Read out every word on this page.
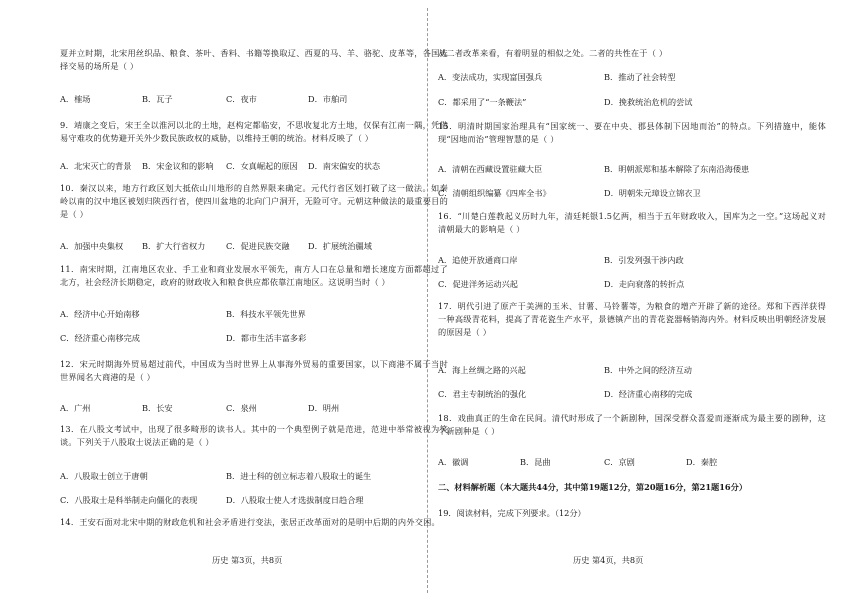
夏并立时期，北宋用丝织品、粮食、茶叶、香料、书籍等换取辽、西夏的马、羊、骆驼、皮革等，各国选择交易的场所是（ ）
A．榷场	B．瓦子	C．夜市	D．市舶司
9．靖康之变后，宋王全以淮河以北的土地，赵构定都临安，不思收复北方土地，仅保有江南一隅，凭借易守难攻的优势避开关外少数民族政权的威胁，以维持王朝的统治。材料反映了（ ）
A．北宋灭亡的背景 B．宋金议和的影响 C．女真崛起的原因 D．南宋偏安的状态
10．秦汉以来，地方行政区划大抵依山川地形的自然界限来确定。元代行省区划打破了这一做法。如秦岭以南的汉中地区被划归陕西行省，使四川盆地的北向门户洞开，无险可守。元朝这种做法的最重要目的是（ ）
A．加强中央集权 B．扩大行省权力	C．促进民族交融 D．扩展统治疆域
11．南宋时期，江南地区农业、手工业和商业发展水平领先，南方人口在总量和增长速度方面都超过了北方，社会经济长期稳定，政府的财政收入和粮食供应都依靠江南地区。这说明当时（ ）
A．经济中心开始南移	B．科技水平领先世界
C．经济重心南移完成	D．都市生活丰富多彩
12．宋元时期海外贸易超过前代，中国成为当时世界上从事海外贸易的重要国家，以下商港不属于当时世界闻名大商港的是（ ）
A．广州	B．长安	C．泉州	D．明州
13．在八股文考试中，出现了很多畸形的读书人。其中的一个典型例子就是范进，范进中举常被视为笑谈。下列关于八股取士说法正确的是（ ）
A．八股取士创立于唐朝	B．进士科的创立标志着八股取士的诞生
C．八股取士是科举制走向僵化的表现	D．八股取士使人才选拔制度日趋合理
14．王安石面对北宋中期的财政危机和社会矛盾进行变法，张居正改革面对的是明中后期的内外交困。
历史 第3页，共8页
从二者改革来看，有着明显的相似之处。二者的共性在于（ ）
A．变法成功，实现富国强兵	B．推动了社会转型
C．都采用了“一条鞭法”	D．挽救统治危机的尝试
15．明清时期国家治理具有“国家统一、要在中央、郡县体制下因地而治”的特点。下列措施中，能体现“因地而治”管理智慧的是（ ）
A．清朝在西藏设置驻藏大臣	B．明朝派郑和基本解除了东南沿海倭患
C．清朝组织编纂《四库全书》	D．明朝朱元璋设立锦衣卫
16．“川楚白莲教起义历时九年，清廷耗银1.5亿两，相当于五年财政收入，国库为之一空。”这场起义对清朝最大的影响是（ ）
A．追使开放通商口岸	B．引发列强干涉内政
C．促进洋务运动兴起	D．走向衰落的转折点
17．明代引进了原产于美洲的玉米、甘薯、马铃薯等，为粮食的增产开辟了新的途径。郑和下西洋获得一种高级青花料，提高了青花瓷生产水平，景德镇产出的青花瓷器畅销海内外。材料反映出明朝经济发展的原因是（ ）
A．海上丝绸之路的兴起	B．中外之间的经济互动
C．君主专制统治的强化	D．经济重心南移的完成
18．戏曲真正的生命在民间。清代时形成了一个新剧种，国深受群众喜爱而逐渐成为最主要的剧种，这个新剧种是（ ）
A．徽调	B．昆曲	C．京剧	D．秦腔
二、材料解析题（本大题共44分，其中第19题12分，第20题16分，第21题16分）
19．阅读材料，完成下列要求。（12分）
历史 第4页，共8页
